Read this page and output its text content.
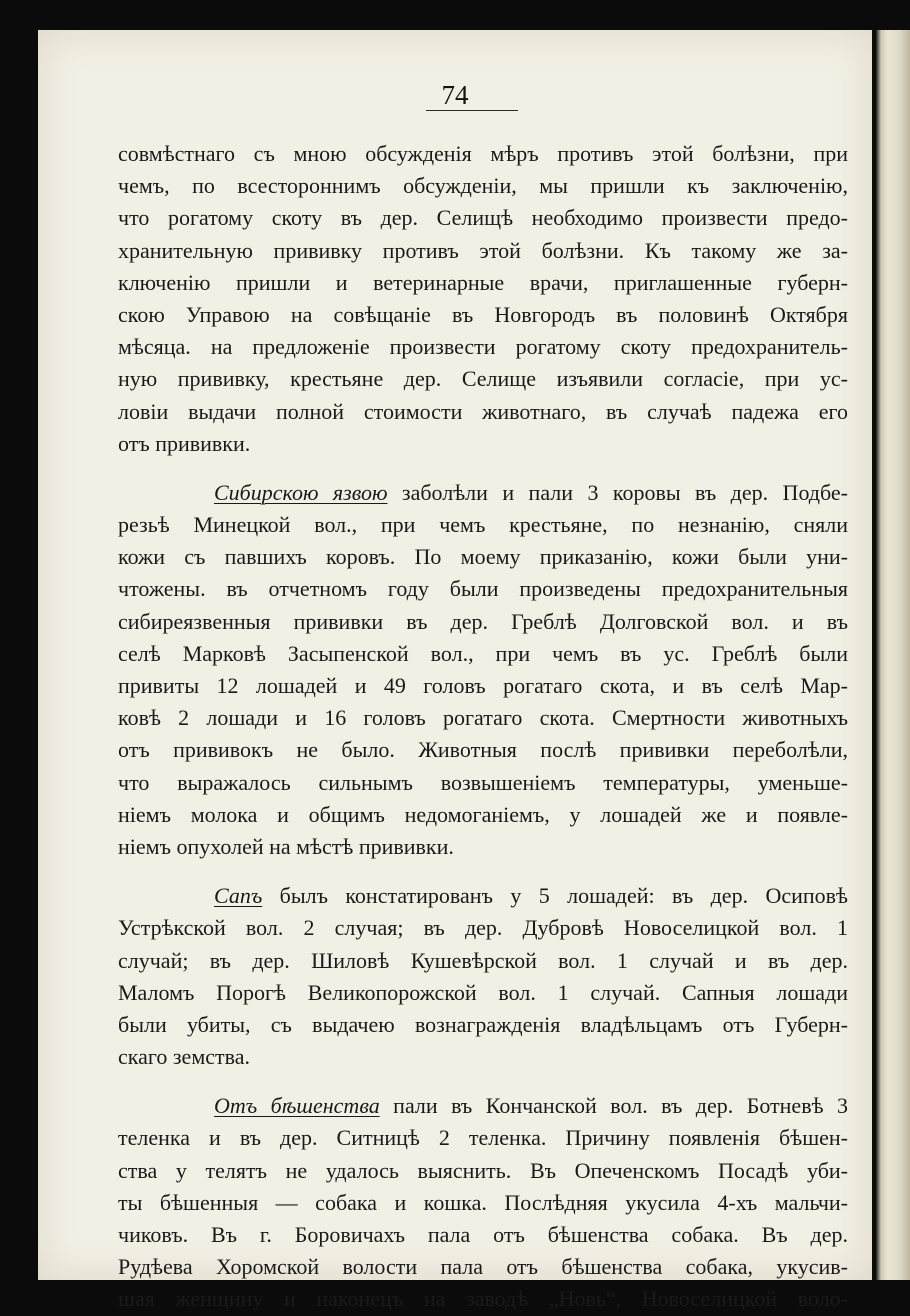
74
совмѣстнаго съ мною обсужденія мѣръ противъ этой болѣзни, при
чемъ, по всестороннимъ обсужденіи, мы пришли къ заключенію,
что рогатому скоту въ дер. Селищѣ необходимо произвести предо-
хранительную прививку противъ этой болѣзни. Къ такому же за-
ключенію пришли и ветеринарные врачи, приглашенные губерн-
скою Управою на совѣщаніе въ Новгородъ въ половинѣ Октября
мѣсяца. на предложеніе произвести рогатому скоту предохранитель-
ную прививку, крестьяне дер. Селище изъявили согласіе, при ус-
ловіи выдачи полной стоимости животнаго, въ случаѣ падежа его
отъ прививки.
Сибирскою язвою заболѣли и пали 3 коровы въ дер. Подбе-
резьѣ Минецкой вол., при чемъ крестьяне, по незнанію, сняли
кожи съ павшихъ коровъ. По моему приказанію, кожи были уни-
чтожены. въ отчетномъ году были произведены предохранительныя
сибиреязвенныя прививки въ дер. Греблѣ Долговской вол. и въ
селѣ Марковѣ Засыпенской вол., при чемъ въ ус. Греблѣ были
привиты 12 лошадей и 49 головъ рогатаго скота, и въ селѣ Мар-
ковѣ 2 лошади и 16 головъ рогатаго скота. Смертности животныхъ
отъ прививокъ не было. Животныя послѣ прививки переболѣли,
что выражалось сильнымъ возвышеніемъ температуры, уменьше-
ніемъ молока и общимъ недомоганіемъ, у лошадей же и появле-
ніемъ опухолей на мѣстѣ прививки.
Сапъ былъ констатированъ у 5 лошадей: въ дер. Осиповѣ
Устрѣкской вол. 2 случая; въ дер. Дубровѣ Новоселицкой вол. 1
случай; въ дер. Шиловѣ Кушевѣрской вол. 1 случай и въ дер.
Маломъ Порогѣ Великопорожской вол. 1 случай. Сапныя лошади
были убиты, съ выдачею вознагражденія владѣльцамъ отъ Губерн-
скаго земства.
Отъ бѣшенства пали въ Кончанской вол. въ дер. Ботневѣ 3
теленка и въ дер. Ситницѣ 2 теленка. Причину появленія бѣшен-
ства у телятъ не удалось выяснить. Въ Опеченскомъ Посадѣ уби-
ты бѣшенныя — собака и кошка. Послѣдняя укусила 4-хъ мальчи-
чиковъ. Въ г. Боровичахъ пала отъ бѣшенства собака. Въ дер.
Рудѣева Хоромской волости пала отъ бѣшенства собака, укусив-
шая женщину и наконецъ на заводѣ „Новь“, Новоселицкой воло-
